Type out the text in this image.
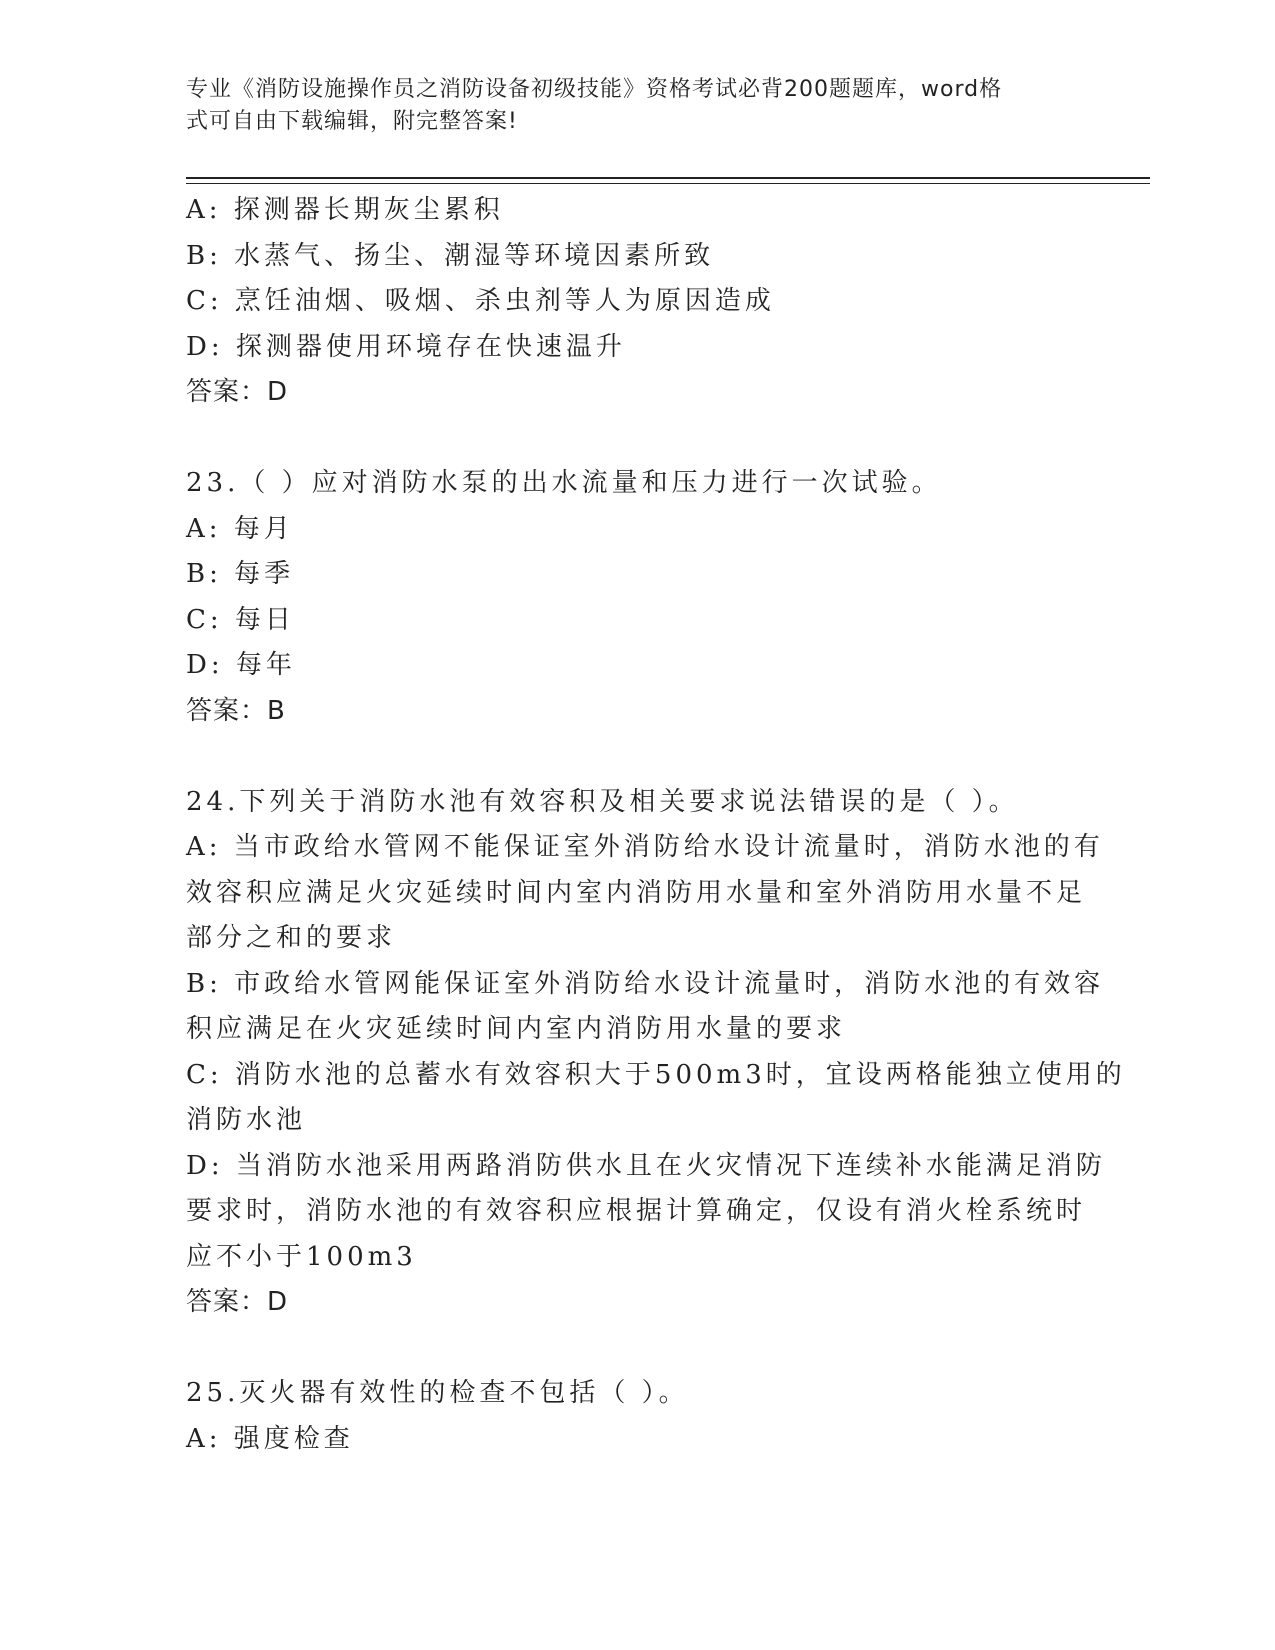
专业《消防设施操作员之消防设备初级技能》资格考试必背200题题库，word格
式可自由下载编辑，附完整答案!
A: 探测器长期灰尘累积
B: 水蒸气、扬尘、潮湿等环境因素所致
C: 烹饪油烟、吸烟、杀虫剂等人为原因造成
D: 探测器使用环境存在快速温升
答案：D
23.（ ）应对消防水泵的出水流量和压力进行一次试验。
A: 每月
B: 每季
C: 每日
D: 每年
答案：B
24.下列关于消防水池有效容积及相关要求说法错误的是（ ）。
A: 当市政给水管网不能保证室外消防给水设计流量时，消防水池的有
效容积应满足火灾延续时间内室内消防用水量和室外消防用水量不足
部分之和的要求
B: 市政给水管网能保证室外消防给水设计流量时，消防水池的有效容
积应满足在火灾延续时间内室内消防用水量的要求
C: 消防水池的总蓄水有效容积大于500m3时，宜设两格能独立使用的
消防水池
D: 当消防水池采用两路消防供水且在火灾情况下连续补水能满足消防
要求时，消防水池的有效容积应根据计算确定，仅设有消火栓系统时
应不小于100m3
答案：D
25.灭火器有效性的检查不包括（ ）。
A: 强度检查
